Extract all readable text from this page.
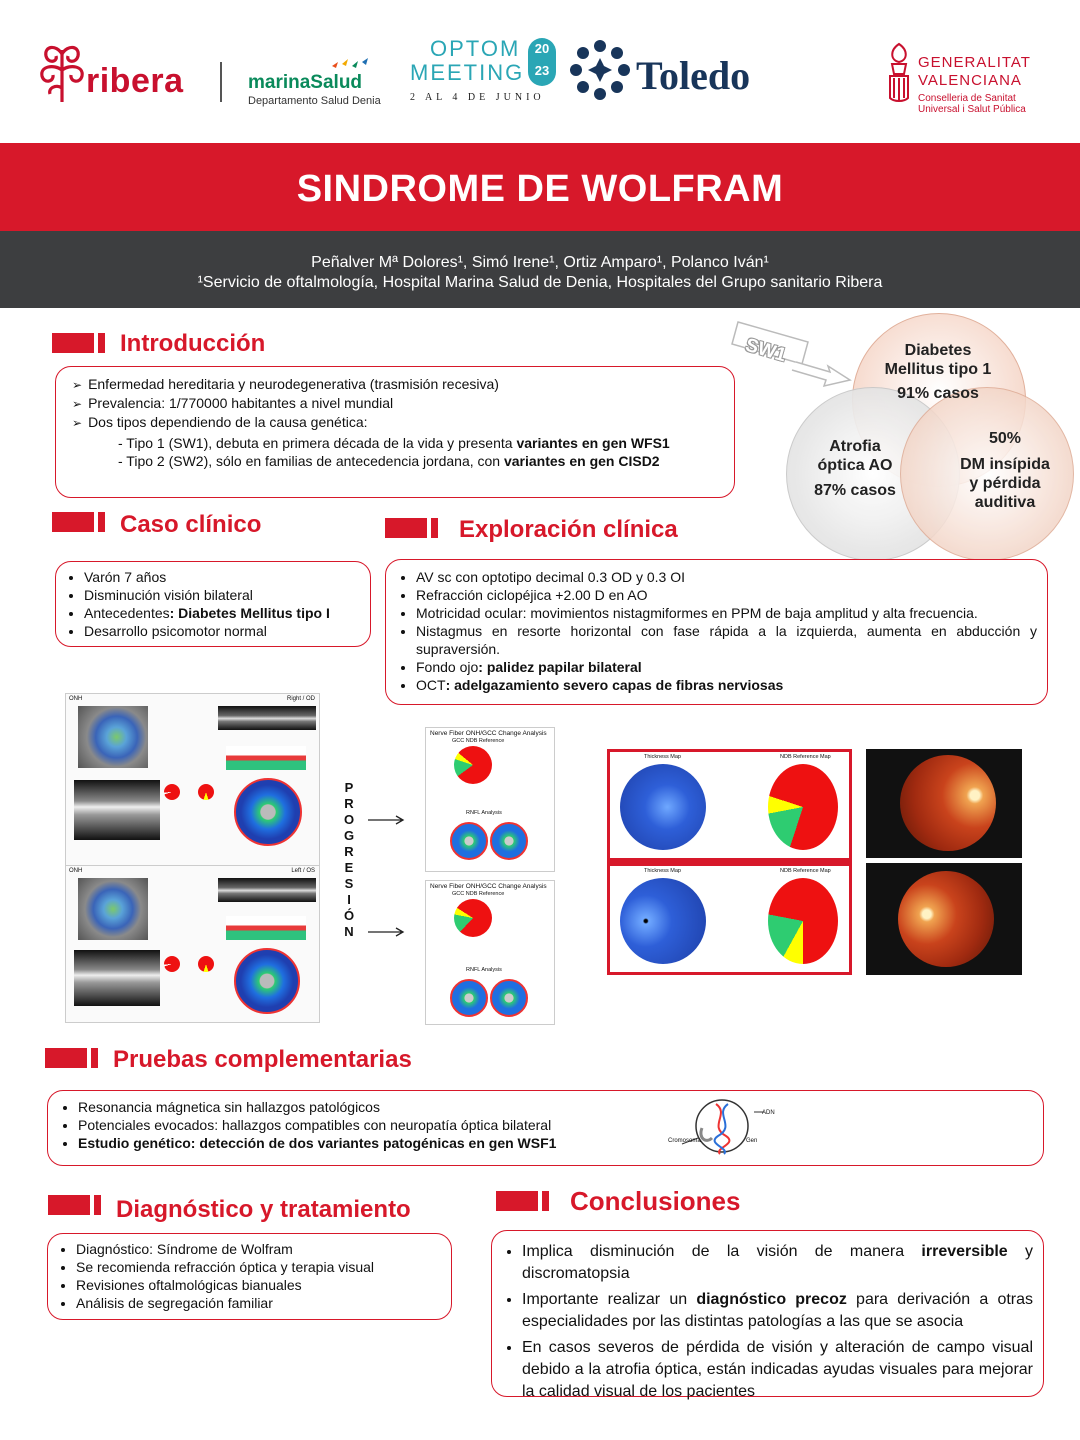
ribera	marinaSalud
Departamento Salud Denia
OPTOM
MEETING
20
23
2 AL 4 DE JUNIO Toledo	GENERALITAT
VALENCIANA
Conselleria de Sanitat
Universal i Salut Pública
SINDROME DE WOLFRAM
Peñalver Mª Dolores¹, Simó Irene¹, Ortiz Amparo¹, Polanco Iván¹
¹Servicio de oftalmología, Hospital Marina Salud de Denia, Hospitales del Grupo sanitario Ribera
Introducción
➢ Enfermedad hereditaria y neurodegenerativa (trasmisión recesiva)
➢ Prevalencia: 1/770000 habitantes a nivel mundial
➢ Dos tipos dependiendo de la causa genética:
- Tipo 1 (SW1), debuta en primera década de la vida y presenta variantes en gen WFS1
- Tipo 2 (SW2), sólo en familias de antecedencia jordana, con variantes en gen CISD2
SW1	Diabetes
Mellitus tipo 1
91% casos
Atrofia
óptica AO
87% casos
50%
DM insípida
y pérdida
auditiva
Caso clínico
• Varón 7 años
• Disminución visión bilateral
• Antecedentes: Diabetes Mellitus tipo I
• Desarrollo psicomotor normal
Exploración clínica
• AV sc con optotipo decimal 0.3 OD y 0.3 OI
• Refracción ciclopéjica +2.00 D en AO
• Motricidad ocular: movimientos nistagmiformes en PPM de baja amplitud y alta frecuencia.
• Nistagmus en resorte horizontal con fase rápida a la izquierda, aumenta en abducción y supraversión.
• Fondo ojo: palidez papilar bilateral
• OCT: adelgazamiento severo capas de fibras nerviosas
ONH	Right / OD
ONH	Left / OS
PROGRESIÓN
Nerve Fiber ONH/GCC Change Analysis
GCC NDB Reference
RNFL Analysis
Nerve Fiber ONH/GCC Change Analysis
GCC NDB Reference
RNFL Analysis
Thickness Map	NDB Reference Map
Thickness Map	NDB Reference Map
Pruebas complementarias
• Resonancia mágnetica sin hallazgos patológicos
• Potenciales evocados: hallazgos compatibles con neuropatía óptica bilateral
• Estudio genético: detección de dos variantes patogénicas en gen WSF1
ADN
Cromosoma	Gen
Diagnóstico y tratamiento
• Diagnóstico: Síndrome de Wolfram
• Se recomienda refracción óptica y terapia visual
• Revisiones oftalmológicas bianuales
• Análisis de segregación familiar
Conclusiones
• Implica disminución de la visión de manera irreversible y discromatopsia
• Importante realizar un diagnóstico precoz para derivación a otras especialidades por las distintas patologías a las que se asocia
• En casos severos de pérdida de visión y alteración de campo visual debido a la atrofia óptica, están indicadas ayudas visuales para mejorar la calidad visual de los pacientes
